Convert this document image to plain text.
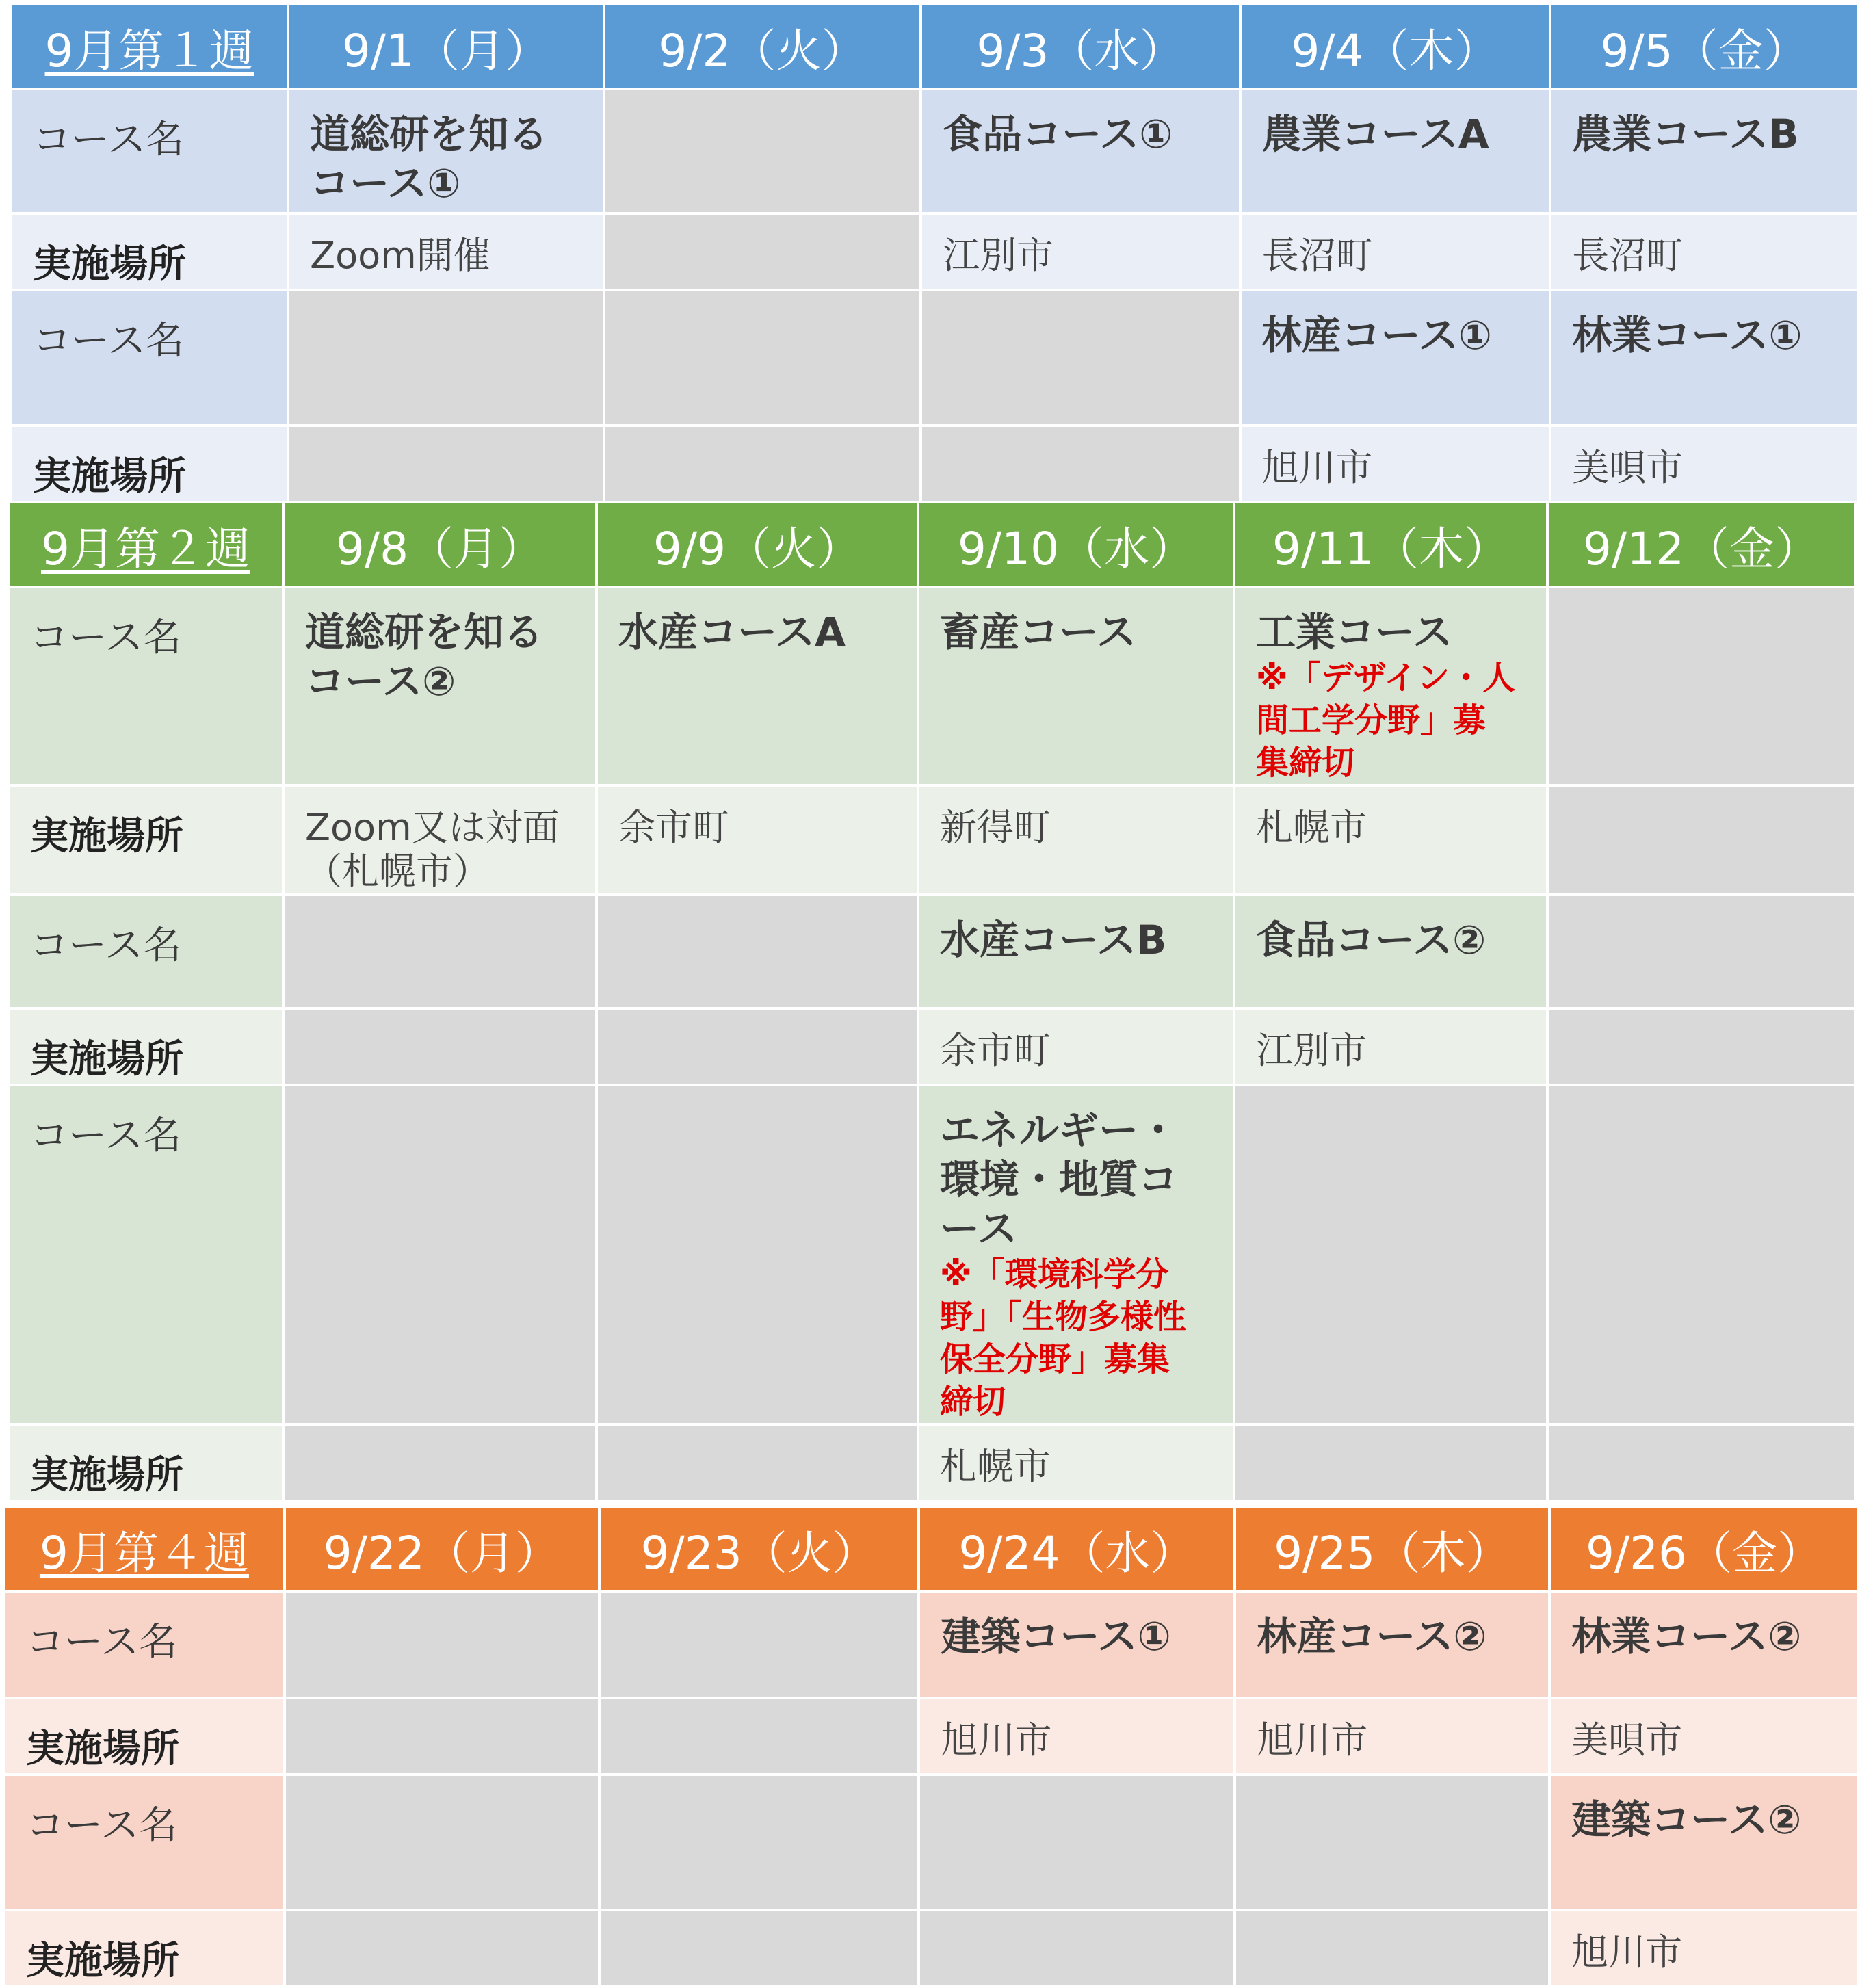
9月第１週	9/1（月）	9/2（火）	9/3（水）	9/4（木）	9/5（金）
コース名	道総研を知るコース①		食品コース①	農業コースA	農業コースB

実施場所	Zoom開催		江別市	長沼町	長沼町

コース名				林産コース①	林業コース①

実施場所				旭川市	美唄市
9月第２週	9/8（月）	9/9（火）	9/10（水）	9/11（木）	9/12（金）
コース名	道総研を知るコース②	水産コースA	畜産コース	工業コース
※「デザイン・人間工学分野」募集締切	

実施場所	Zoom又は対面（札幌市）	余市町	新得町	札幌市	

コース名			水産コースB	食品コース②	

実施場所			余市町	江別市	

コース名			エネルギー・環境・地質コース
※「環境科学分野」「生物多様性保全分野」募集締切		

実施場所			札幌市		

9月第４週	9/22（月）	9/23（火）	9/24（水）	9/25（木）	9/26（金）
コース名			建築コース①	林産コース②	林業コース②

実施場所			旭川市	旭川市	美唄市

コース名					建築コース②

実施場所					旭川市
